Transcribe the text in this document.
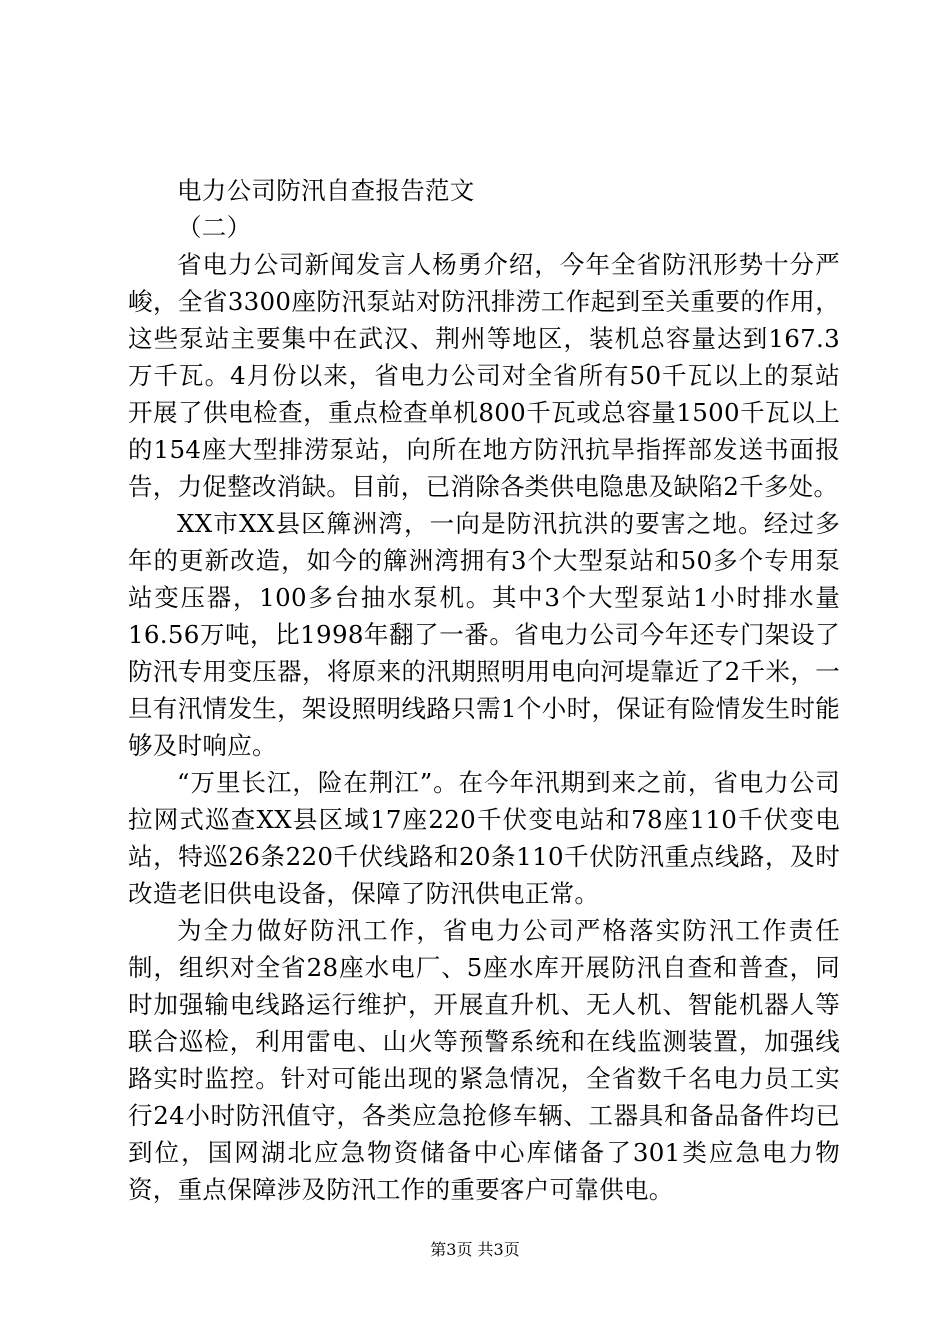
电力公司防汛自查报告范文

（二）

省电力公司新闻发言人杨勇介绍，今年全省防汛形势十分严峻，全省3300座防汛泵站对防汛排涝工作起到至关重要的作用，这些泵站主要集中在武汉、荆州等地区，装机总容量达到167.3万千瓦。4月份以来，省电力公司对全省所有50千瓦以上的泵站开展了供电检查，重点检查单机800千瓦或总容量1500千瓦以上的154座大型排涝泵站，向所在地方防汛抗旱指挥部发送书面报告，力促整改消缺。目前，已消除各类供电隐患及缺陷2千多处。

XX市XX县区簰洲湾，一向是防汛抗洪的要害之地。经过多年的更新改造，如今的簰洲湾拥有3个大型泵站和50多个专用泵站变压器，100多台抽水泵机。其中3个大型泵站1小时排水量16.56万吨，比1998年翻了一番。省电力公司今年还专门架设了防汛专用变压器，将原来的汛期照明用电向河堤靠近了2千米，一旦有汛情发生，架设照明线路只需1个小时，保证有险情发生时能够及时响应。

“万里长江，险在荆江”。在今年汛期到来之前，省电力公司拉网式巡查XX县区域17座220千伏变电站和78座110千伏变电站，特巡26条220千伏线路和20条110千伏防汛重点线路，及时改造老旧供电设备，保障了防汛供电正常。

为全力做好防汛工作，省电力公司严格落实防汛工作责任制，组织对全省28座水电厂、5座水库开展防汛自查和普查，同时加强输电线路运行维护，开展直升机、无人机、智能机器人等联合巡检，利用雷电、山火等预警系统和在线监测装置，加强线路实时监控。针对可能出现的紧急情况，全省数千名电力员工实行24小时防汛值守，各类应急抢修车辆、工器具和备品备件均已到位，国网湖北应急物资储备中心库储备了301类应急电力物资，重点保障涉及防汛工作的重要客户可靠供电。

第3页 共3页
